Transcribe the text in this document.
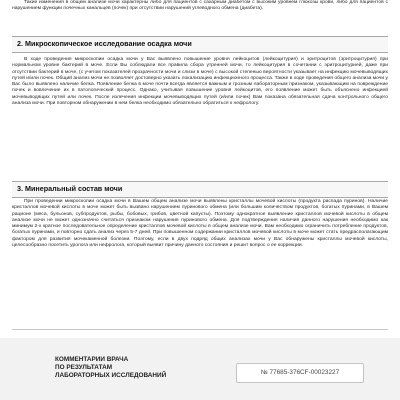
Такие изменения в общем анализе мочи характерны либо для пациентов с сахарным диабетом с высоким уровнем глюкозы крови, либо для пациентов с нарушением функции почечных канальцев (почек) при отсутствии нарушений углеводного обмена (диабета).

2. Микроскопическое исследование осадка мочи

В ходе проведения микроскопии осадка мочи у Вас выявлено повышение уровня лейкоцитов (лейкоцитурия) и эритроцитов (эритроцитурия) при нормальном уровне бактерий в моче. Если Вы соблюдали все правила сбора утренней мочи, то лейкоцитурия в сочетании с эритроцитурией, даже при отсутствии бактерий в моче, (с учетом показателей прозрачности мочи и слизи в моче) с высокой степенью вероятности указывает на инфекцию мочевыводящих путей и/или почек. Общий анализ мочи не позволяет достоверно указать локализацию инфекционного процесса. Также в ходе проведения общего анализа мочи у Вас было выявлено наличие белка. Появление белка в моче почти всегда является важным и грозным лабораторным признаком, указывающим на повреждение почек и вовлечение их в патологический процесс. Однако, учитывая повышение уровня лейкоцитов, его появление может быть объяснено инфекцией мочевыводящих путей или почек. После излечения инфекции мочевыводящих путей (и/или почек) Вам показана обязательная сдача контрольного общего анализа мочи. При повторном обнаружении в нем белка необходимо обязательно обратиться к нефрологу.

3. Минеральный состав мочи

При проведении микроскопии осадка мочи в Вашем общем анализе мочи выявлены кристаллы мочевой кислоты (продукта распада пуринов). Наличие кристаллов мочевой кислоты в моче может быть вызвано нарушением пуринового обмена (или большим количеством продуктов, богатых пуринами, в Вашем рационе (мяса, бульонов, субпродуктов, рыбы, бобовых, грибов, цветной капусты). Поэтому однократное выявление кристаллов мочевой кислоты в общем анализе мочи не может однозначно считаться признаком нарушения пуринового обмена. Для подтверждения наличия данного нарушения необходимо как минимум 2-х кратное последовательное определение кристаллов мочевой кислоты в общем анализе мочи. Вам необходимо ограничить потребление продуктов, богатых пуринами, и повторно сдать анализ через 5-7 дней. При повышенном содержании кристаллов мочевой кислоты в моче может стать предрасполагающим фактором для развития мочекаменной болезни. Поэтому, если в двух подряд общих анализах мочи у Вас обнаружены кристаллы мочевой кислоты, целесообразно посетить уролога или нефролога, который выявит причину данного состояния и решит вопрос о ее коррекции.

КОММЕНТАРИИ ВРАЧА
ПО РЕЗУЛЬТАТАМ
ЛАБОРАТОРНЫХ ИССЛЕДОВАНИЙ	№ 77685-376CF-00023227
